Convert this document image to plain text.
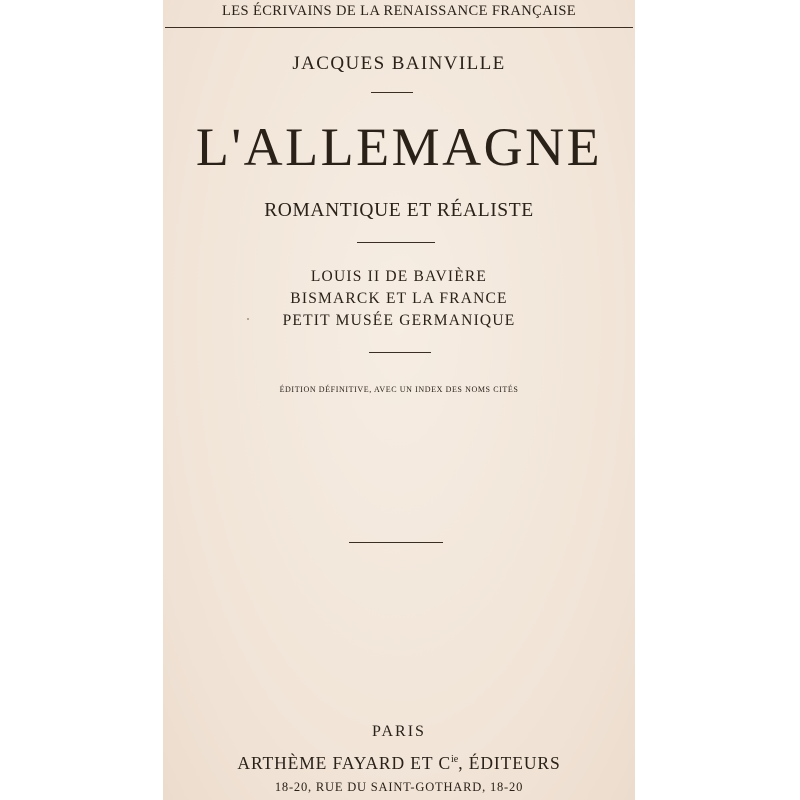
LES ÉCRIVAINS DE LA RENAISSANCE FRANÇAISE
JACQUES BAINVILLE
L'ALLEMAGNE
ROMANTIQUE ET RÉALISTE
LOUIS II DE BAVIÈRE
BISMARCK ET LA FRANCE
PETIT MUSÉE GERMANIQUE
ÉDITION DÉFINITIVE, AVEC UN INDEX DES NOMS CITÉS
PARIS
ARTHÈME FAYARD ET $C^{ie}$, ÉDITEURS
18-20, RUE DU SAINT-GOTHARD, 18-20
